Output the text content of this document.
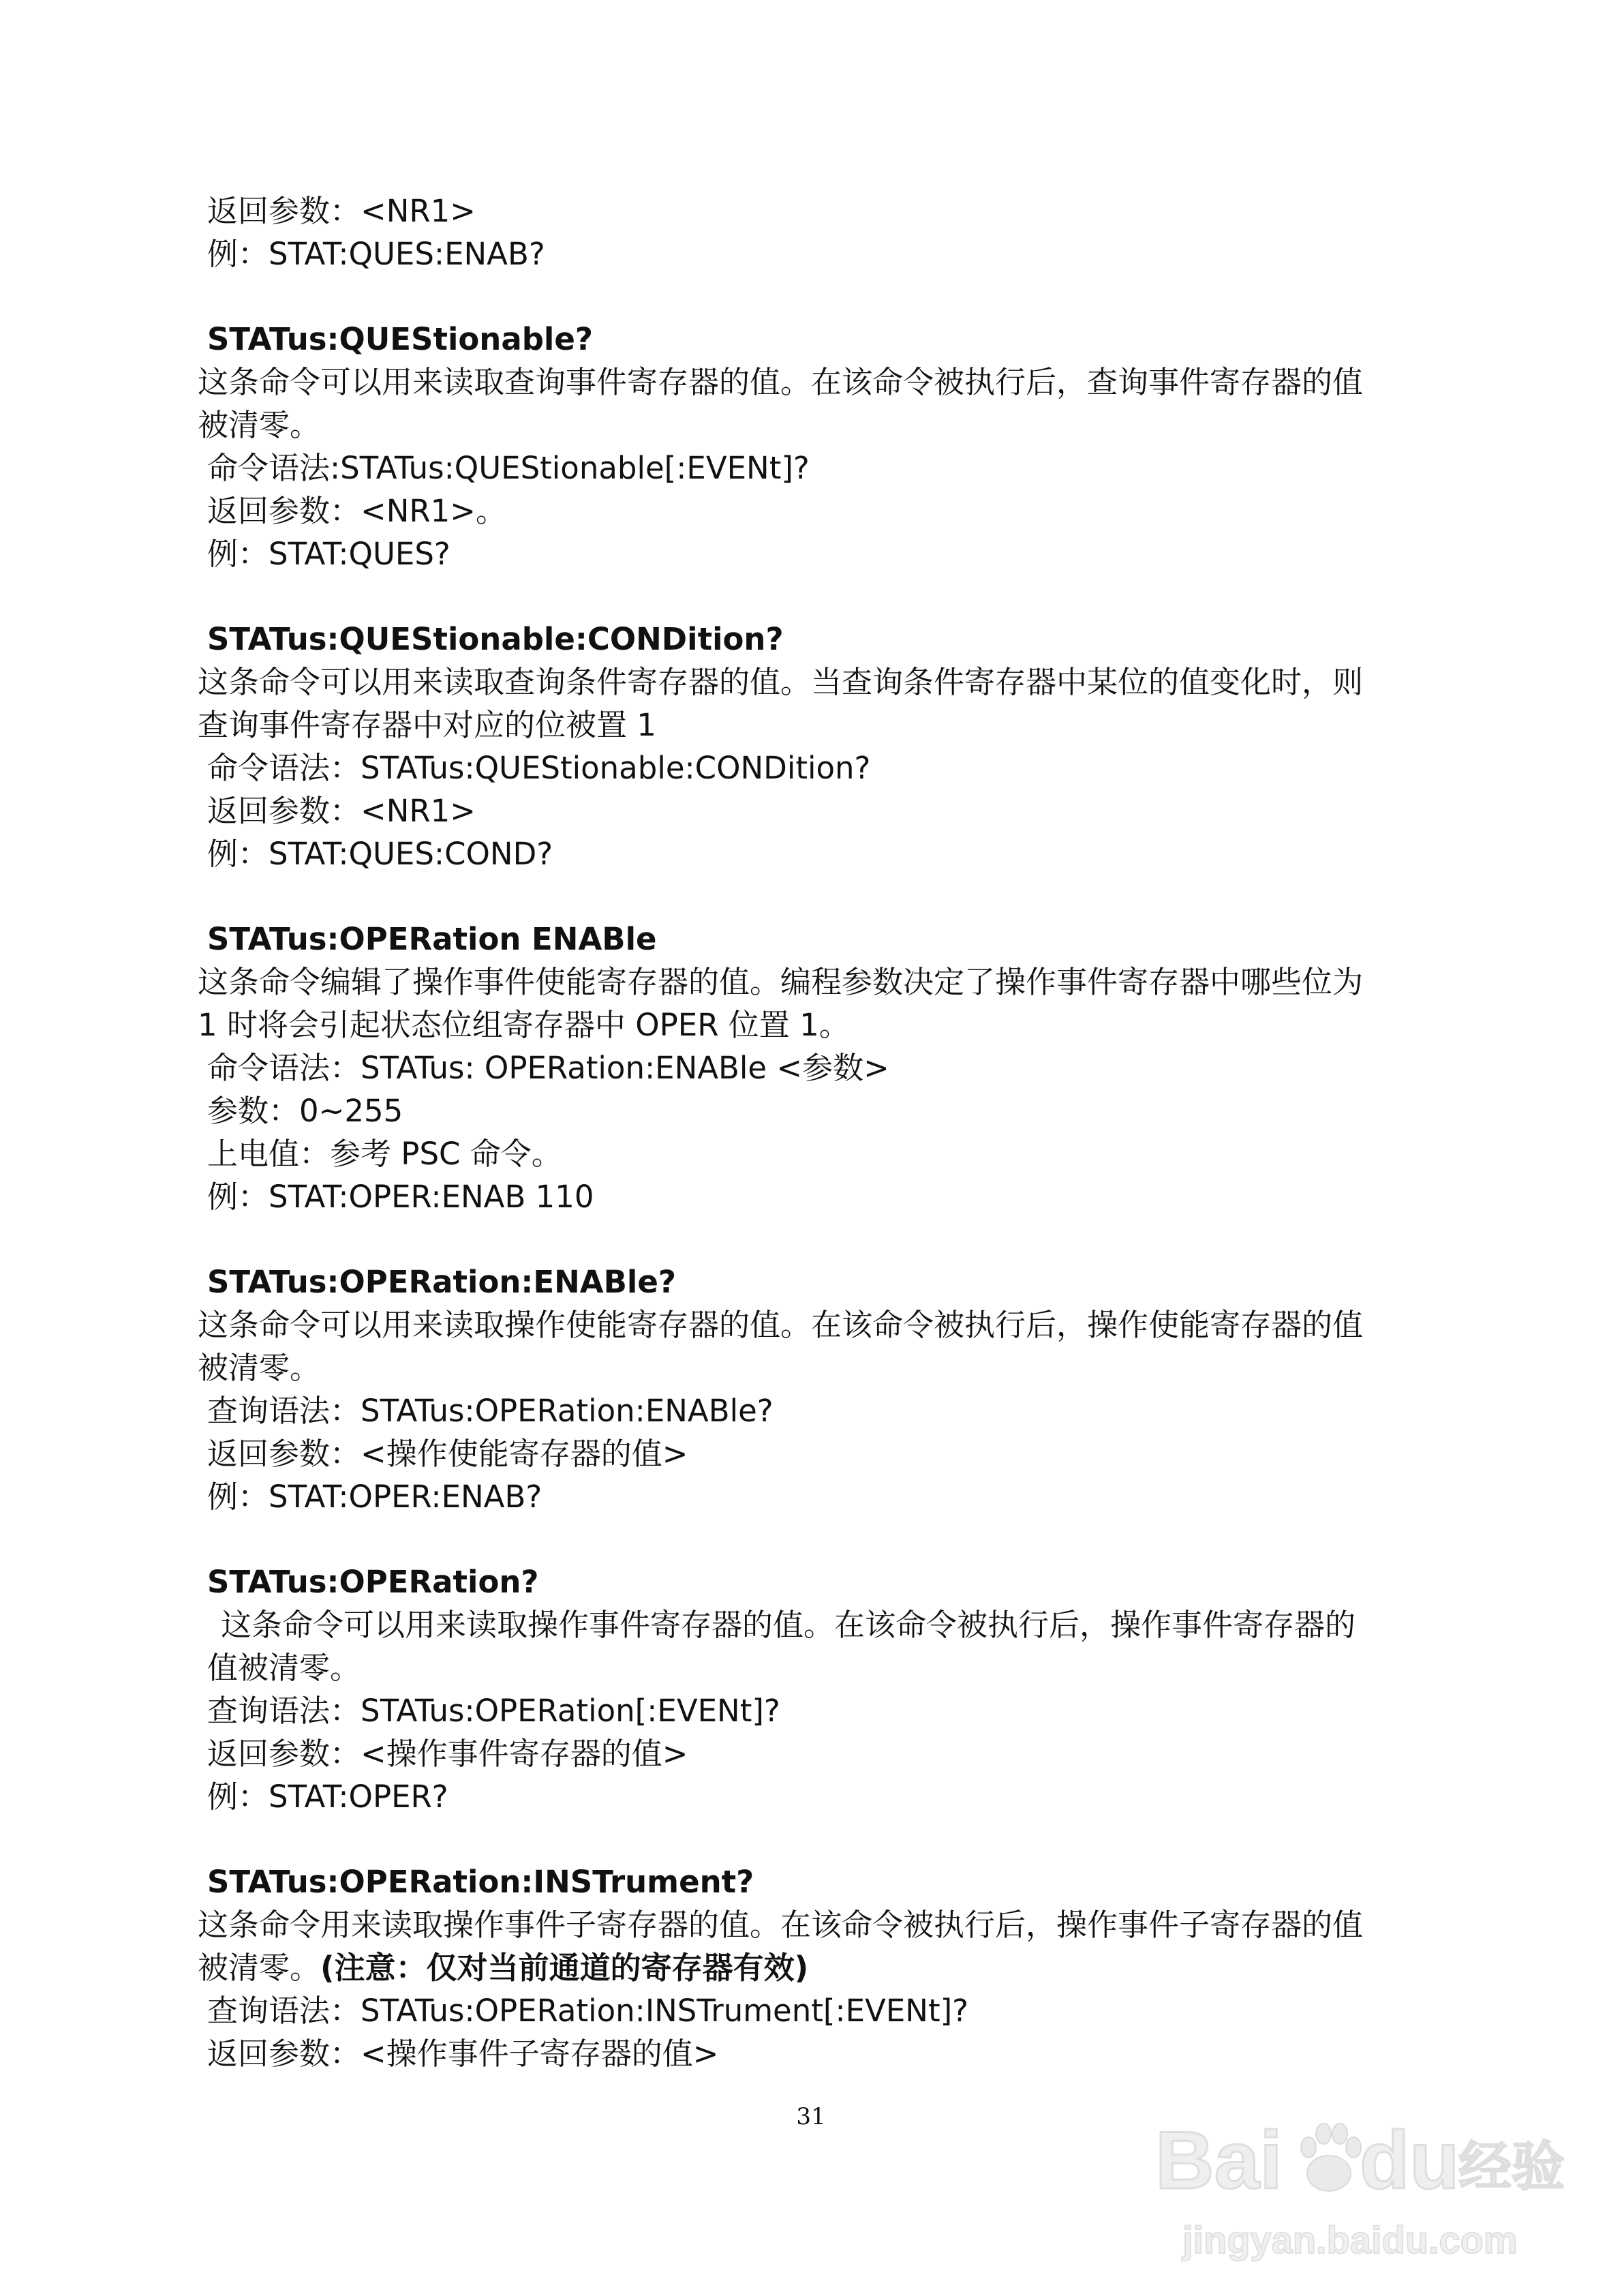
返回参数：<NR1>

例：STAT:QUES:ENAB?

STATus:QUEStionable?

这条命令可以用来读取查询事件寄存器的值。在该命令被执行后，查询事件寄存器的值

被清零。

命令语法:STATus:QUEStionable[:EVENt]?

返回参数：<NR1>。

例：STAT:QUES?

STATus:QUEStionable:CONDition?

这条命令可以用来读取查询条件寄存器的值。当查询条件寄存器中某位的值变化时，则

查询事件寄存器中对应的位被置 1

命令语法：STATus:QUEStionable:CONDition?

返回参数：<NR1>

例：STAT:QUES:COND?

STATus:OPERation ENABle

这条命令编辑了操作事件使能寄存器的值。编程参数决定了操作事件寄存器中哪些位为

1 时将会引起状态位组寄存器中 OPER 位置 1。

命令语法：STATus: OPERation:ENABle <参数>

参数：0~255

上电值：参考 PSC 命令。

例：STAT:OPER:ENAB 110

STATus:OPERation:ENABle?

这条命令可以用来读取操作使能寄存器的值。在该命令被执行后，操作使能寄存器的值

被清零。

查询语法：STATus:OPERation:ENABle?

返回参数：<操作使能寄存器的值>

例：STAT:OPER:ENAB?

STATus:OPERation?

这条命令可以用来读取操作事件寄存器的值。在该命令被执行后，操作事件寄存器的

值被清零。

查询语法：STATus:OPERation[:EVENt]?

返回参数：<操作事件寄存器的值>

例：STAT:OPER?

STATus:OPERation:INSTrument?

这条命令用来读取操作事件子寄存器的值。在该命令被执行后，操作事件子寄存器的值

被清零。(注意：仅对当前通道的寄存器有效)

查询语法：STATus:OPERation:INSTrument[:EVENt]?

返回参数：<操作事件子寄存器的值>

31	Bai du
经验
jingyan.baidu.com
